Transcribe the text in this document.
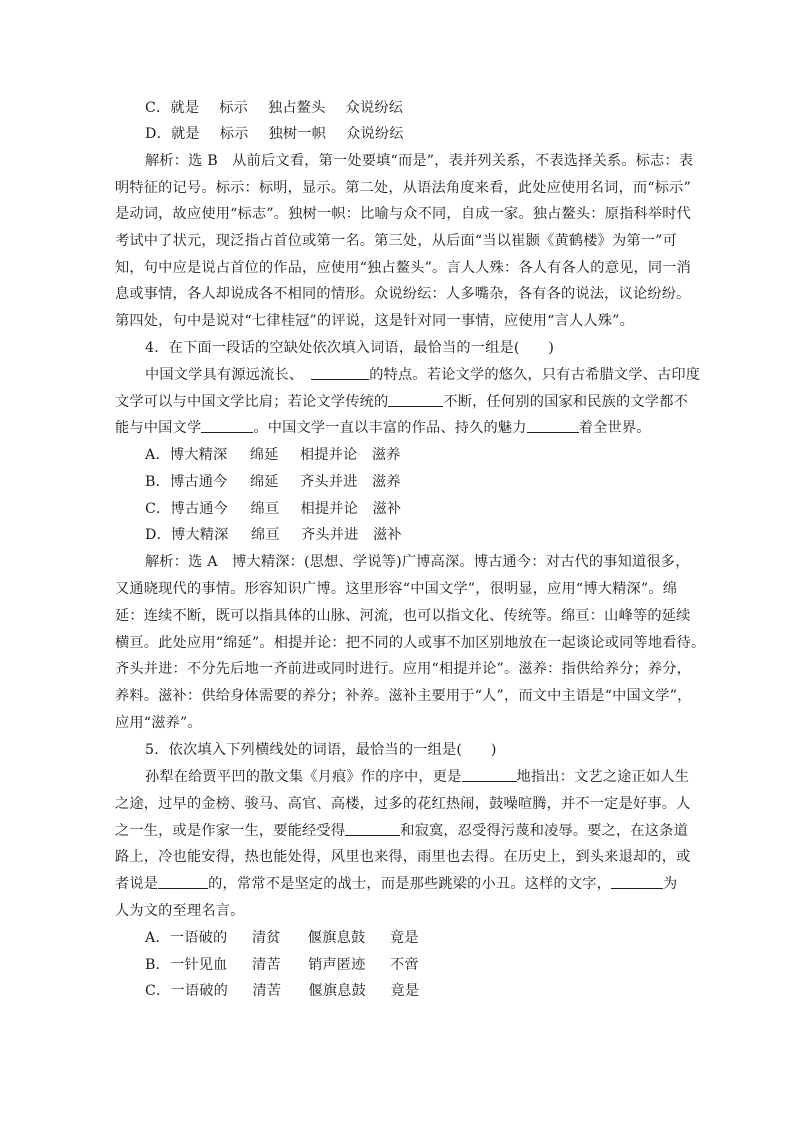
C．就是 标示 独占鳌头 众说纷纭
D．就是 标示 独树一帜 众说纷纭
解析：选 B　从前后文看，第一处要填“而是”，表并列关系，不表选择关系。标志：表
明特征的记号。标示：标明，显示。第二处，从语法角度来看，此处应使用名词，而“标示”
是动词，故应使用“标志”。独树一帜：比喻与众不同，自成一家。独占鳌头：原指科举时代
考试中了状元，现泛指占首位或第一名。第三处，从后面“当以崔颢《黄鹤楼》为第一”可
知，句中应是说占首位的作品，应使用“独占鳌头”。言人人殊：各人有各人的意见，同一消
息或事情，各人却说成各不相同的情形。众说纷纭：人多嘴杂，各有各的说法，议论纷纷。
第四处，句中是说对“七律桂冠”的评说，这是针对同一事情，应使用“言人人殊”。
4．在下面一段话的空缺处依次填入词语，最恰当的一组是(　　)
中国文学具有源远流长、	的特点。若论文学的悠久，只有古希腊文学、古印度
文学可以与中国文学比肩；若论文学传统的	不断，任何别的国家和民族的文学都不
能与中国文学	。中国文学一直以丰富的作品、持久的魅力	着全世界。
A．博大精深 绵延 相提并论 滋养
B．博古通今 绵延 齐头并进 滋养
C．博古通今 绵亘 相提并论 滋补
D．博大精深 绵亘 齐头并进 滋补
解析：选 A　博大精深：(思想、学说等)广博高深。博古通今：对古代的事知道很多，
又通晓现代的事情。形容知识广博。这里形容“中国文学”，很明显，应用“博大精深”。绵
延：连续不断，既可以指具体的山脉、河流，也可以指文化、传统等。绵亘：山峰等的延续
横亘。此处应用“绵延”。相提并论：把不同的人或事不加区别地放在一起谈论或同等地看待。
齐头并进：不分先后地一齐前进或同时进行。应用“相提并论”。滋养：指供给养分；养分，
养料。滋补：供给身体需要的养分；补养。滋补主要用于“人”，而文中主语是“中国文学”，
应用“滋养”。
5．依次填入下列横线处的词语，最恰当的一组是(　　)
孙犁在给贾平凹的散文集《月痕》作的序中，更是	地指出：文艺之途正如人生
之途，过早的金榜、骏马、高官、高楼，过多的花红热闹，鼓噪喧腾，并不一定是好事。人
之一生，或是作家一生，要能经受得	和寂寞，忍受得污蔑和凌辱。要之，在这条道
路上，冷也能安得，热也能处得，风里也来得，雨里也去得。在历史上，到头来退却的，或
者说是	的，常常不是坚定的战士，而是那些跳梁的小丑。这样的文字，	为
人为文的至理名言。
A．一语破的 清贫 偃旗息鼓 竟是
B．一针见血 清苦 销声匿迹 不啻
C．一语破的 清苦 偃旗息鼓 竟是
